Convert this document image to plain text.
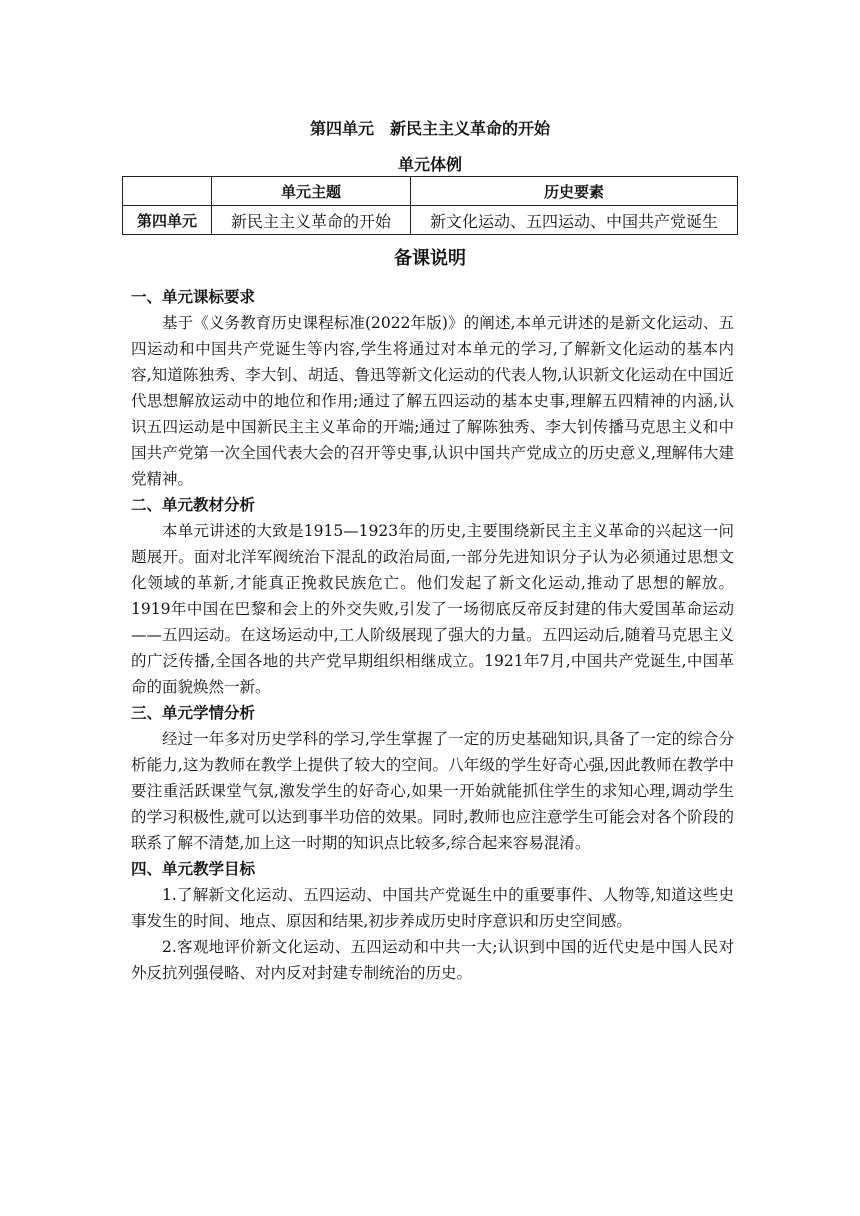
第四单元　新民主主义革命的开始
单元体例
	单元主题	历史要素
第四单元	新民主主义革命的开始	新文化运动、五四运动、中国共产党诞生
备课说明

一、单元课标要求

基于《义务教育历史课程标准(2022年版)》的阐述,本单元讲述的是新文化运动、五四运动和中国共产党诞生等内容,学生将通过对本单元的学习,了解新文化运动的基本内容,知道陈独秀、李大钊、胡适、鲁迅等新文化运动的代表人物,认识新文化运动在中国近代思想解放运动中的地位和作用;通过了解五四运动的基本史事,理解五四精神的内涵,认识五四运动是中国新民主主义革命的开端;通过了解陈独秀、李大钊传播马克思主义和中国共产党第一次全国代表大会的召开等史事,认识中国共产党成立的历史意义,理解伟大建党精神。

二、单元教材分析

本单元讲述的大致是1915—1923年的历史,主要围绕新民主主义革命的兴起这一问题展开。面对北洋军阀统治下混乱的政治局面,一部分先进知识分子认为必须通过思想文化领域的革新,才能真正挽救民族危亡。他们发起了新文化运动,推动了思想的解放。1919年中国在巴黎和会上的外交失败,引发了一场彻底反帝反封建的伟大爱国革命运动——五四运动。在这场运动中,工人阶级展现了强大的力量。五四运动后,随着马克思主义的广泛传播,全国各地的共产党早期组织相继成立。1921年7月,中国共产党诞生,中国革命的面貌焕然一新。

三、单元学情分析

经过一年多对历史学科的学习,学生掌握了一定的历史基础知识,具备了一定的综合分析能力,这为教师在教学上提供了较大的空间。八年级的学生好奇心强,因此教师在教学中要注重活跃课堂气氛,激发学生的好奇心,如果一开始就能抓住学生的求知心理,调动学生的学习积极性,就可以达到事半功倍的效果。同时,教师也应注意学生可能会对各个阶段的联系了解不清楚,加上这一时期的知识点比较多,综合起来容易混淆。

四、单元教学目标

1.了解新文化运动、五四运动、中国共产党诞生中的重要事件、人物等,知道这些史事发生的时间、地点、原因和结果,初步养成历史时序意识和历史空间感。

2.客观地评价新文化运动、五四运动和中共一大;认识到中国的近代史是中国人民对外反抗列强侵略、对内反对封建专制统治的历史。
